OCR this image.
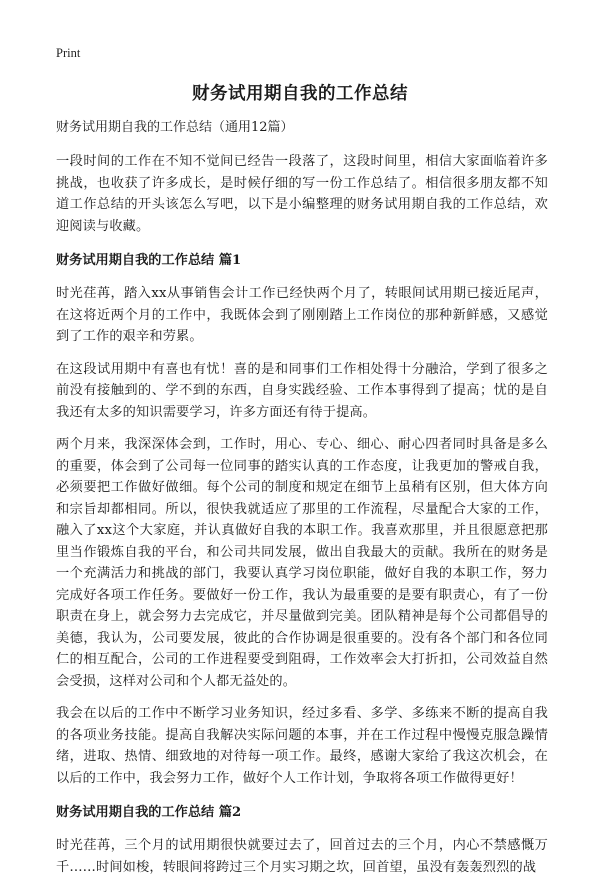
Print
财务试用期自我的工作总结
财务试用期自我的工作总结（通用12篇）

一段时间的工作在不知不觉间已经告一段落了，这段时间里，相信大家面临着许多挑战，也收获了许多成长，是时候仔细的写一份工作总结了。相信很多朋友都不知道工作总结的开头该怎么写吧，以下是小编整理的财务试用期自我的工作总结，欢迎阅读与收藏。

财务试用期自我的工作总结 篇1

时光荏苒，踏入xx从事销售会计工作已经快两个月了，转眼间试用期已接近尾声，在这将近两个月的工作中，我既体会到了刚刚踏上工作岗位的那种新鲜感，又感觉到了工作的艰辛和劳累。

在这段试用期中有喜也有忧！喜的是和同事们工作相处得十分融洽，学到了很多之前没有接触到的、学不到的东西，自身实践经验、工作本事得到了提高；忧的是自我还有太多的知识需要学习，许多方面还有待于提高。

两个月来，我深深体会到，工作时，用心、专心、细心、耐心四者同时具备是多么的重要，体会到了公司每一位同事的踏实认真的工作态度，让我更加的警戒自我，必须要把工作做好做细。每个公司的制度和规定在细节上虽稍有区别，但大体方向和宗旨却都相同。所以，很快我就适应了那里的工作流程，尽量配合大家的工作，融入了xx这个大家庭，并认真做好自我的本职工作。我喜欢那里，并且很愿意把那里当作锻炼自我的平台，和公司共同发展，做出自我最大的贡献。我所在的财务是一个充满活力和挑战的部门，我要认真学习岗位职能，做好自我的本职工作，努力完成好各项工作任务。要做好一份工作，我认为最重要的是要有职责心，有了一份职责在身上，就会努力去完成它，并尽量做到完美。团队精神是每个公司都倡导的美德，我认为，公司要发展，彼此的合作协调是很重要的。没有各个部门和各位同仁的相互配合，公司的工作进程要受到阻碍，工作效率会大打折扣，公司效益自然会受损，这样对公司和个人都无益处的。

我会在以后的工作中不断学习业务知识，经过多看、多学、多练来不断的提高自我的各项业务技能。提高自我解决实际问题的本事，并在工作过程中慢慢克服急躁情绪，进取、热情、细致地的对待每一项工作。最终，感谢大家给了我这次机会，在以后的工作中，我会努力工作，做好个人工作计划，争取将各项工作做得更好！

财务试用期自我的工作总结 篇2

时光荏苒，三个月的试用期很快就要过去了，回首过去的三个月，内心不禁感慨万千……时间如梭，转眼间将跨过三个月实习期之坎，回首望，虽没有轰轰烈烈的战
